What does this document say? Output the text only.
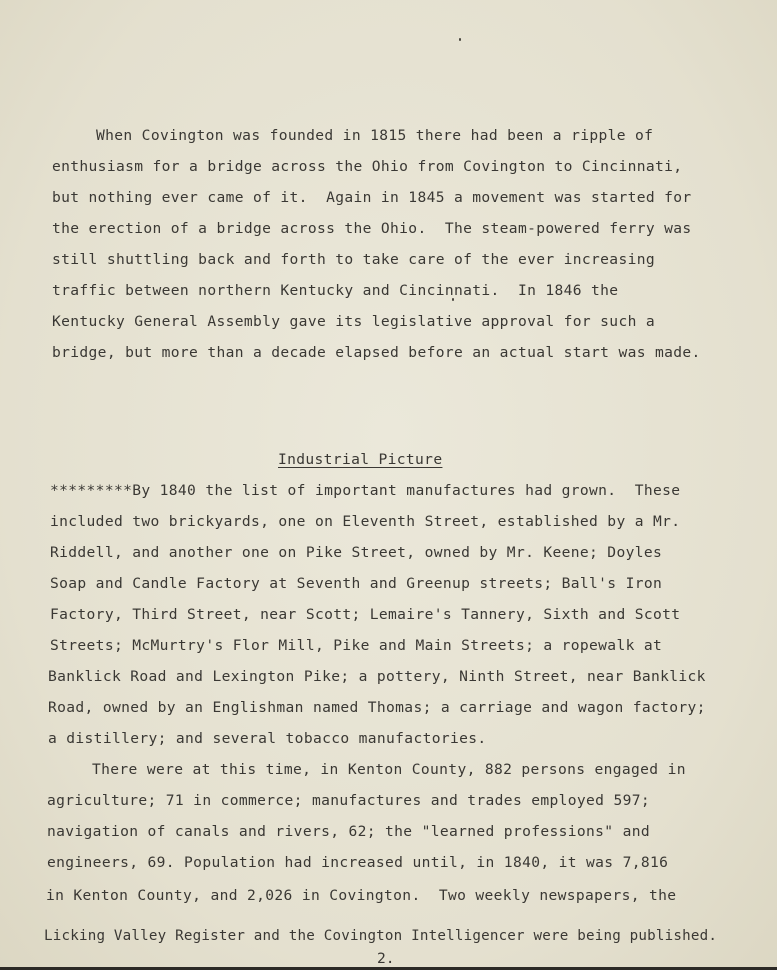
When Covington was founded in 1815 there had been a ripple of
enthusiasm for a bridge across the Ohio from Covington to Cincinnati,
but nothing ever came of it.  Again in 1845 a movement was started for
the erection of a bridge across the Ohio.  The steam-powered ferry was
still shuttling back and forth to take care of the ever increasing
traffic between northern Kentucky and Cincinnati.  In 1846 the
Kentucky General Assembly gave its legislative approval for such a
bridge, but more than a decade elapsed before an actual start was made.
Industrial Picture
*********By 1840 the list of important manufactures had grown.  These
included two brickyards, one on Eleventh Street, established by a Mr.
Riddell, and another one on Pike Street, owned by Mr. Keene; Doyles
Soap and Candle Factory at Seventh and Greenup streets; Ball's Iron
Factory, Third Street, near Scott; Lemaire's Tannery, Sixth and Scott
Streets; McMurtry's Flor Mill, Pike and Main Streets; a ropewalk at
Banklick Road and Lexington Pike; a pottery, Ninth Street, near Banklick
Road, owned by an Englishman named Thomas; a carriage and wagon factory;
a distillery; and several tobacco manufactories.
There were at this time, in Kenton County, 882 persons engaged in
agriculture; 71 in commerce; manufactures and trades employed 597;
navigation of canals and rivers, 62; the "learned professions" and
engineers, 69. Population had increased until, in 1840, it was 7,816
in Kenton County, and 2,026 in Covington.  Two weekly newspapers, the
Licking Valley Register and the Covington Intelligencer were being published.
2.
